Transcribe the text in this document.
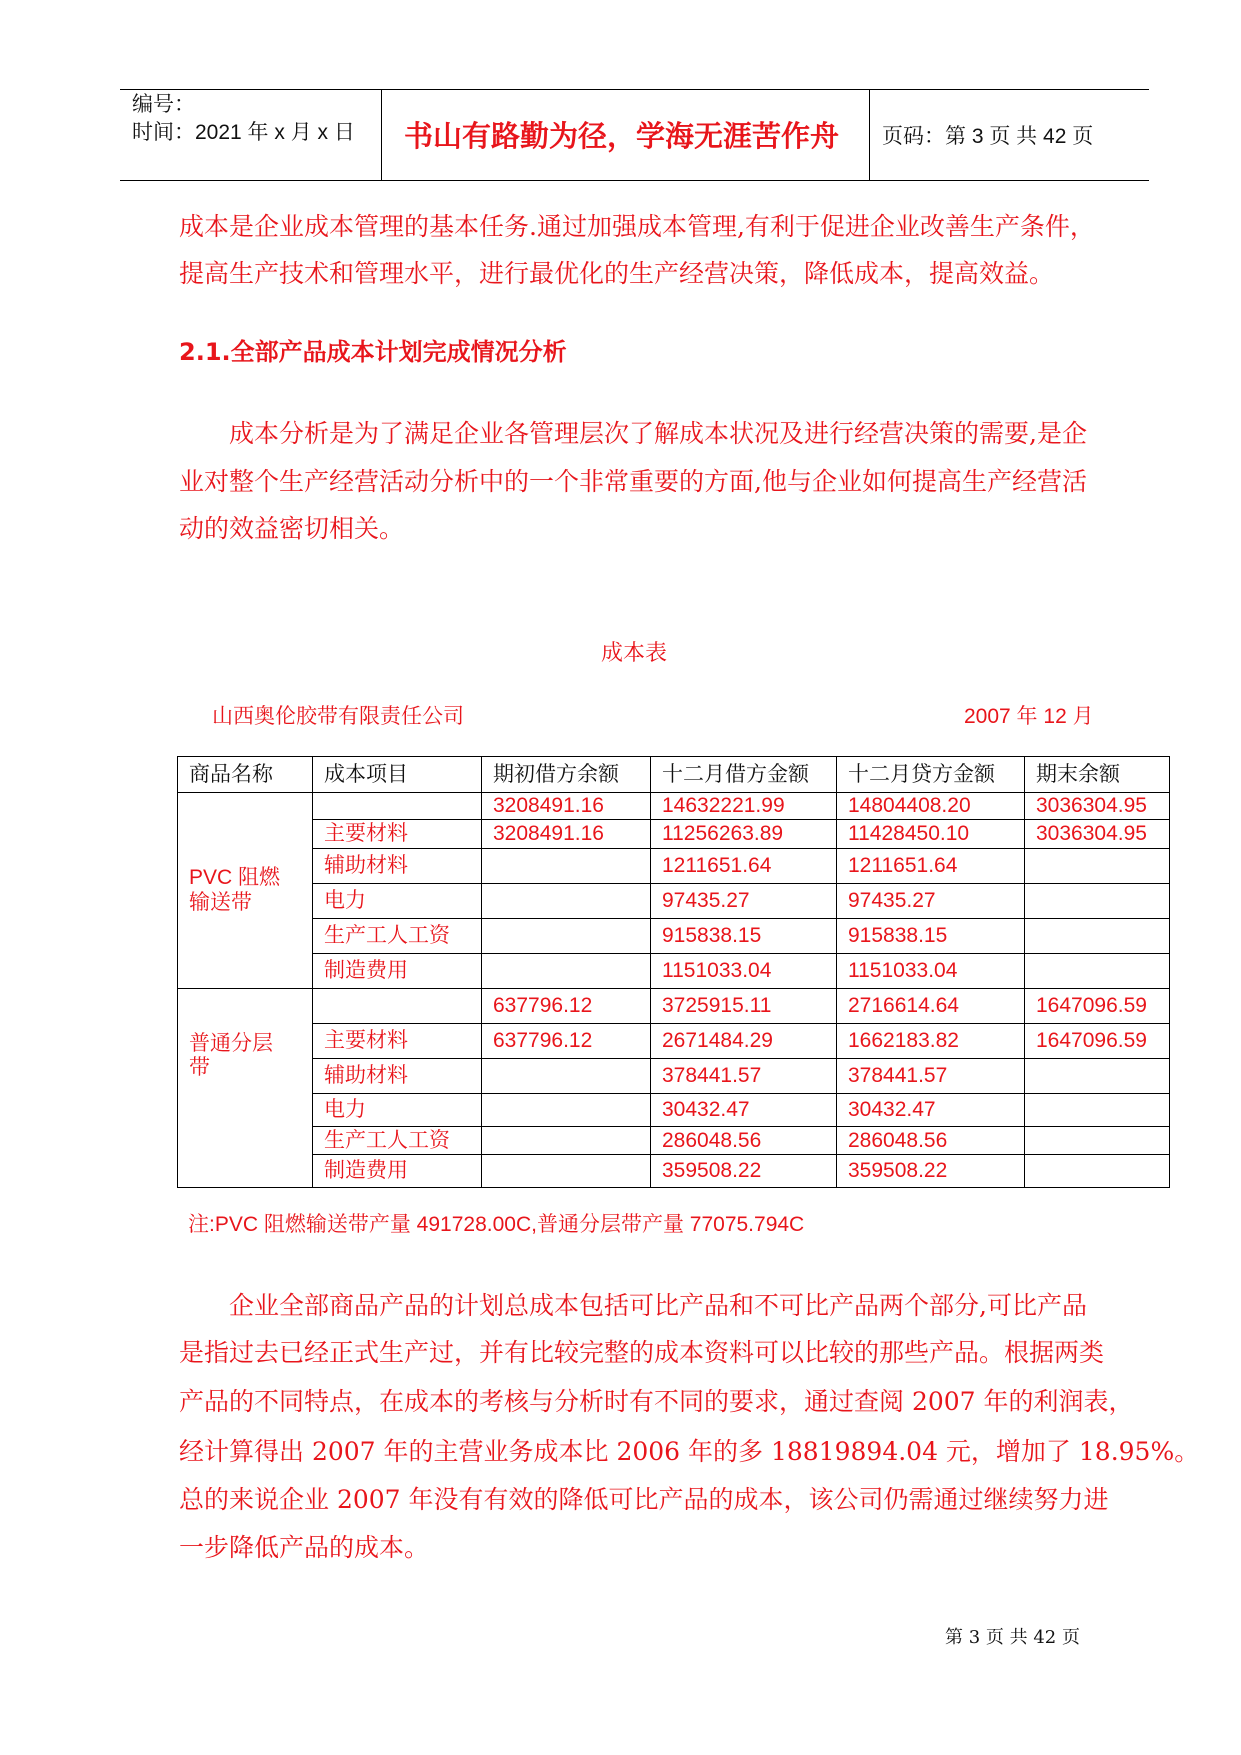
编号：
时间：2021 年 x 月 x 日 书山有路勤为径，学海无涯苦作舟 页码：第 3 页 共 42 页
成本是企业成本管理的基本任务.通过加强成本管理,有利于促进企业改善生产条件，
提高生产技术和管理水平，进行最优化的生产经营决策，降低成本，提高效益。
2.1.全部产品成本计划完成情况分析
成本分析是为了满足企业各管理层次了解成本状况及进行经营决策的需要,是企
业对整个生产经营活动分析中的一个非常重要的方面,他与企业如何提高生产经营活
动的效益密切相关。
成本表
山西奥伦胶带有限责任公司	2007 年 12 月
商品名称	成本项目	期初借方余额	十二月借方金额	十二月贷方金额	期末余额
PVC 阻燃输送带		3208491.16	14632221.99	14804408.20	3036304.95
	主要材料	3208491.16	11256263.89	11428450.10	3036304.95
	辅助材料		1211651.64	1211651.64	
	电力		97435.27	97435.27	
	生产工人工资		915838.15	915838.15	
	制造费用		1151033.04	1151033.04	
普通分层带		637796.12	3725915.11	2716614.64	1647096.59
	主要材料	637796.12	2671484.29	1662183.82	1647096.59
	辅助材料		378441.57	378441.57	
	电力		30432.47	30432.47	
	生产工人工资		286048.56	286048.56	
	制造费用		359508.22	359508.22	
注:PVC 阻燃输送带产量 491728.00C,普通分层带产量 77075.794C
企业全部商品产品的计划总成本包括可比产品和不可比产品两个部分,可比产品
是指过去已经正式生产过，并有比较完整的成本资料可以比较的那些产品。根据两类
产品的不同特点，在成本的考核与分析时有不同的要求，通过查阅 2007 年的利润表，
经计算得出 2007 年的主营业务成本比 2006 年的多 18819894.04 元，增加了 18.95%。
总的来说企业 2007 年没有有效的降低可比产品的成本，该公司仍需通过继续努力进
一步降低产品的成本。
第 3 页 共 42 页
